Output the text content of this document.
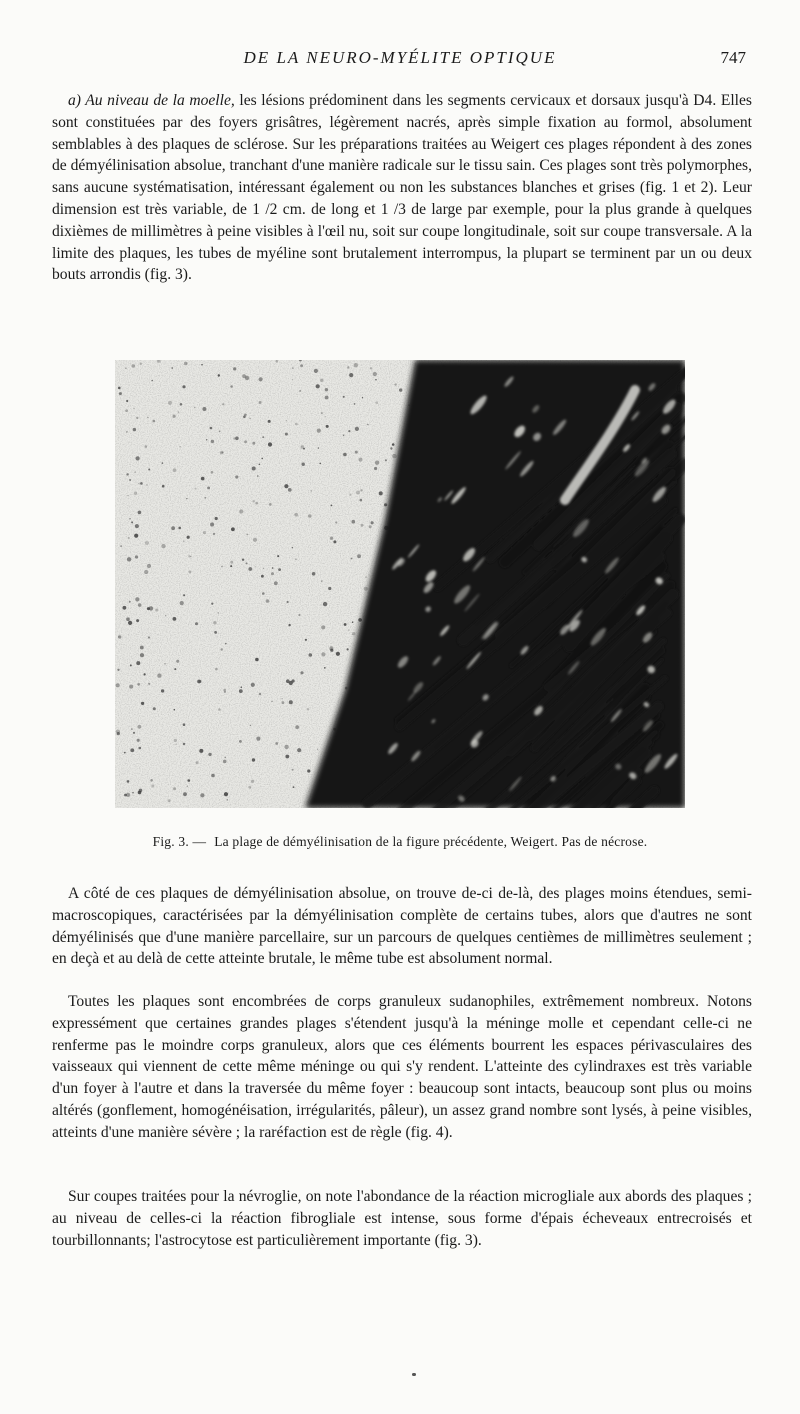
DE LA NEURO-MYÉLITE OPTIQUE	747

a) Au niveau de la moelle, les lésions prédominent dans les segments cervicaux et dorsaux jusqu'à D4. Elles sont constituées par des foyers grisâtres, légèrement nacrés, après simple fixation au formol, absolument semblables à des plaques de sclérose. Sur les préparations traitées au Weigert ces plages répondent à des zones de démyélinisation absolue, tranchant d'une manière radicale sur le tissu sain. Ces plages sont très polymorphes, sans aucune systématisation, intéressant également ou non les substances blanches et grises (fig. 1 et 2). Leur dimension est très variable, de 1 /2 cm. de long et 1 /3 de large par exemple, pour la plus grande à quelques dixièmes de millimètres à peine visibles à l'œil nu, soit sur coupe longitudinale, soit sur coupe transversale. A la limite des plaques, les tubes de myéline sont brutalement interrompus, la plupart se terminent par un ou deux bouts arrondis (fig. 3).

Fig. 3. — La plage de démyélinisation de la figure précédente, Weigert. Pas de nécrose.

A côté de ces plaques de démyélinisation absolue, on trouve de-ci de-là, des plages moins étendues, semi-macroscopiques, caractérisées par la démyélinisation complète de certains tubes, alors que d'autres ne sont démyélinisés que d'une manière parcellaire, sur un parcours de quelques centièmes de millimètres seulement ; en deçà et au delà de cette atteinte brutale, le même tube est absolument normal.

Toutes les plaques sont encombrées de corps granuleux sudanophiles, extrêmement nombreux. Notons expressément que certaines grandes plages s'étendent jusqu'à la méninge molle et cependant celle-ci ne renferme pas le moindre corps granuleux, alors que ces éléments bourrent les espaces périvasculaires des vaisseaux qui viennent de cette même méninge ou qui s'y rendent. L'atteinte des cylindraxes est très variable d'un foyer à l'autre et dans la traversée du même foyer : beaucoup sont intacts, beaucoup sont plus ou moins altérés (gonflement, homogénéisation, irrégularités, pâleur), un assez grand nombre sont lysés, à peine visibles, atteints d'une manière sévère ; la raréfaction est de règle (fig. 4).

Sur coupes traitées pour la névroglie, on note l'abondance de la réaction microgliale aux abords des plaques ; au niveau de celles-ci la réaction fibrogliale est intense, sous forme d'épais écheveaux entrecroisés et tourbillonnants; l'astrocytose est particulièrement importante (fig. 3).
